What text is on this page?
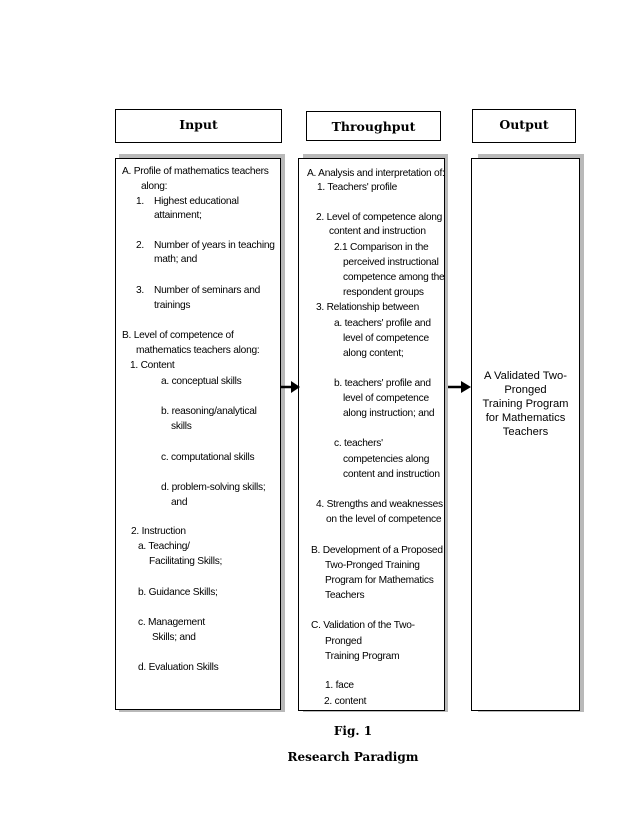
Input	Throughput	Output
A. Profile of mathematics teachers
along:
1. Highest educational
attainment;
2. Number of years in teaching
math; and
3. Number of seminars and
trainings
B. Level of competence of
mathematics teachers along:
1. Content
a. conceptual skills
b. reasoning/analytical
skills
c. computational skills
d. problem-solving skills;
and
2. Instruction
a. Teaching/
Facilitating Skills;
b. Guidance Skills;
c. Management
Skills; and
d. Evaluation Skills
A. Analysis and interpretation of:
1. Teachers' profile
2. Level of competence along
content and instruction
2.1 Comparison in the
perceived instructional
competence among the
respondent groups
3. Relationship between
a. teachers' profile and
level of competence
along content;
b. teachers' profile and
level of competence
along instruction; and
c. teachers'
competencies along
content and instruction
4. Strengths and weaknesses
on the level of competence
B. Development of a Proposed
Two-Pronged Training
Program for Mathematics
Teachers
C. Validation of the Two-
Pronged
Training Program
1. face
2. content
A Validated Two-
Pronged
Training Program
for Mathematics
Teachers
Fig. 1
Research Paradigm
